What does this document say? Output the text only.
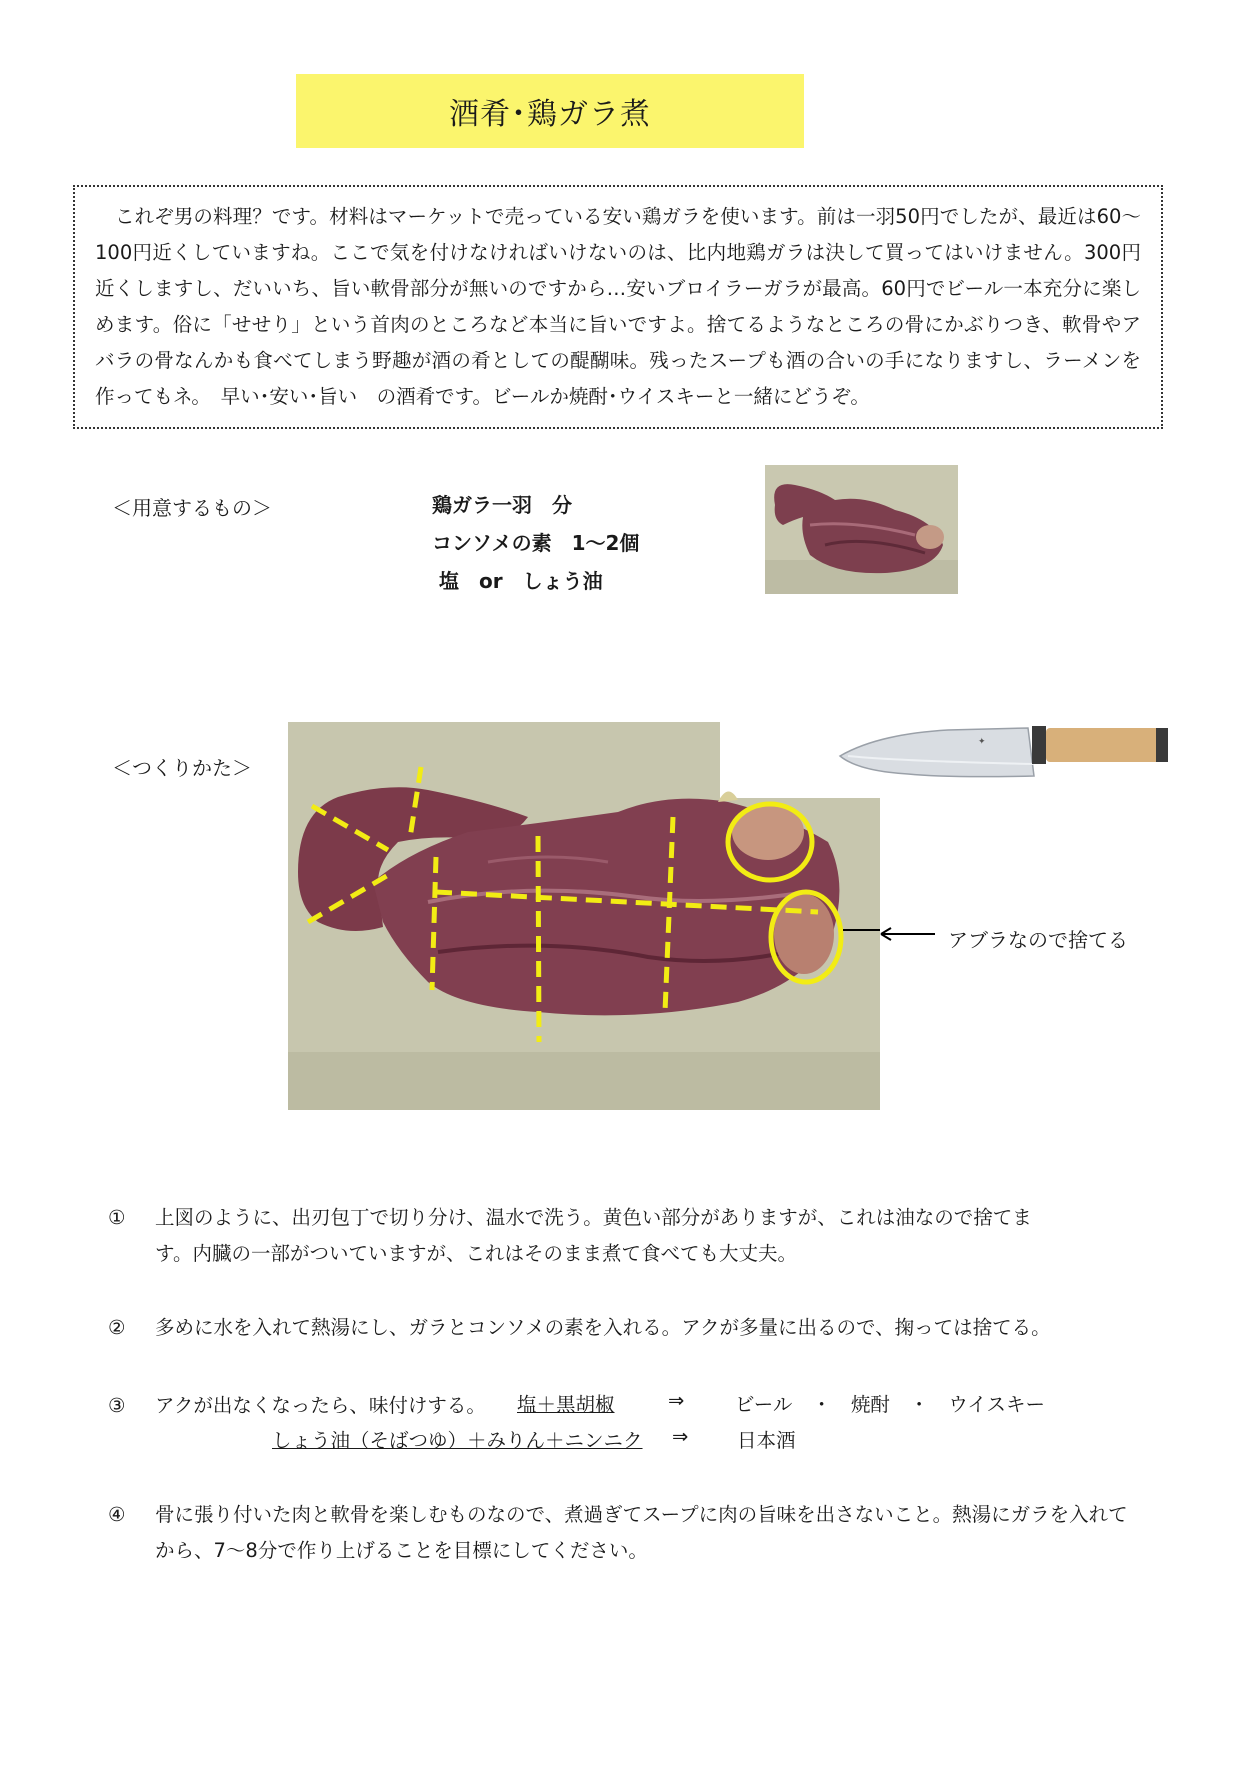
酒肴･鶏ガラ煮

これぞ男の料理？です。材料はマーケットで売っている安い鶏ガラを使います。前は一羽50円でしたが、最近は60～100円近くしていますね。ここで気を付けなければいけないのは、比内地鶏ガラは決して買ってはいけません。300円近くしますし、だいいち、旨い軟骨部分が無いのですから…安いブロイラーガラが最高。60円でビール一本充分に楽しめます。俗に「せせり」という首肉のところなど本当に旨いですよ。捨てるようなところの骨にかぶりつき、軟骨やアバラの骨なんかも食べてしまう野趣が酒の肴としての醍醐味。残ったスープも酒の合いの手になりますし、ラーメンを作ってもネ。　早い･安い･旨い　の酒肴です。ビールか焼酎･ウイスキーと一緒にどうぞ。

＜用意するもの＞	鶏ガラ一羽　分
コンソメの素　1～2個
塩　or　しょう油
＜つくりかた＞
アブラなので捨てる
✦
① 上図のように、出刃包丁で切り分け、温水で洗う。黄色い部分がありますが、これは油なので捨てます。内臓の一部がついていますが、これはそのまま煮て食べても大丈夫。
② 多めに水を入れて熱湯にし、ガラとコンソメの素を入れる。アクが多量に出るので、掬っては捨てる。
③ アクが出なくなったら、味付けする。	塩＋黒胡椒	⇒	ビール　・　焼酎　・　ウイスキー
しょう油（そばつゆ）＋みりん＋ニンニク ⇒ 日本酒
④ 骨に張り付いた肉と軟骨を楽しむものなので、煮過ぎてスープに肉の旨味を出さないこと。熱湯にガラを入れてから、7～8分で作り上げることを目標にしてください。
